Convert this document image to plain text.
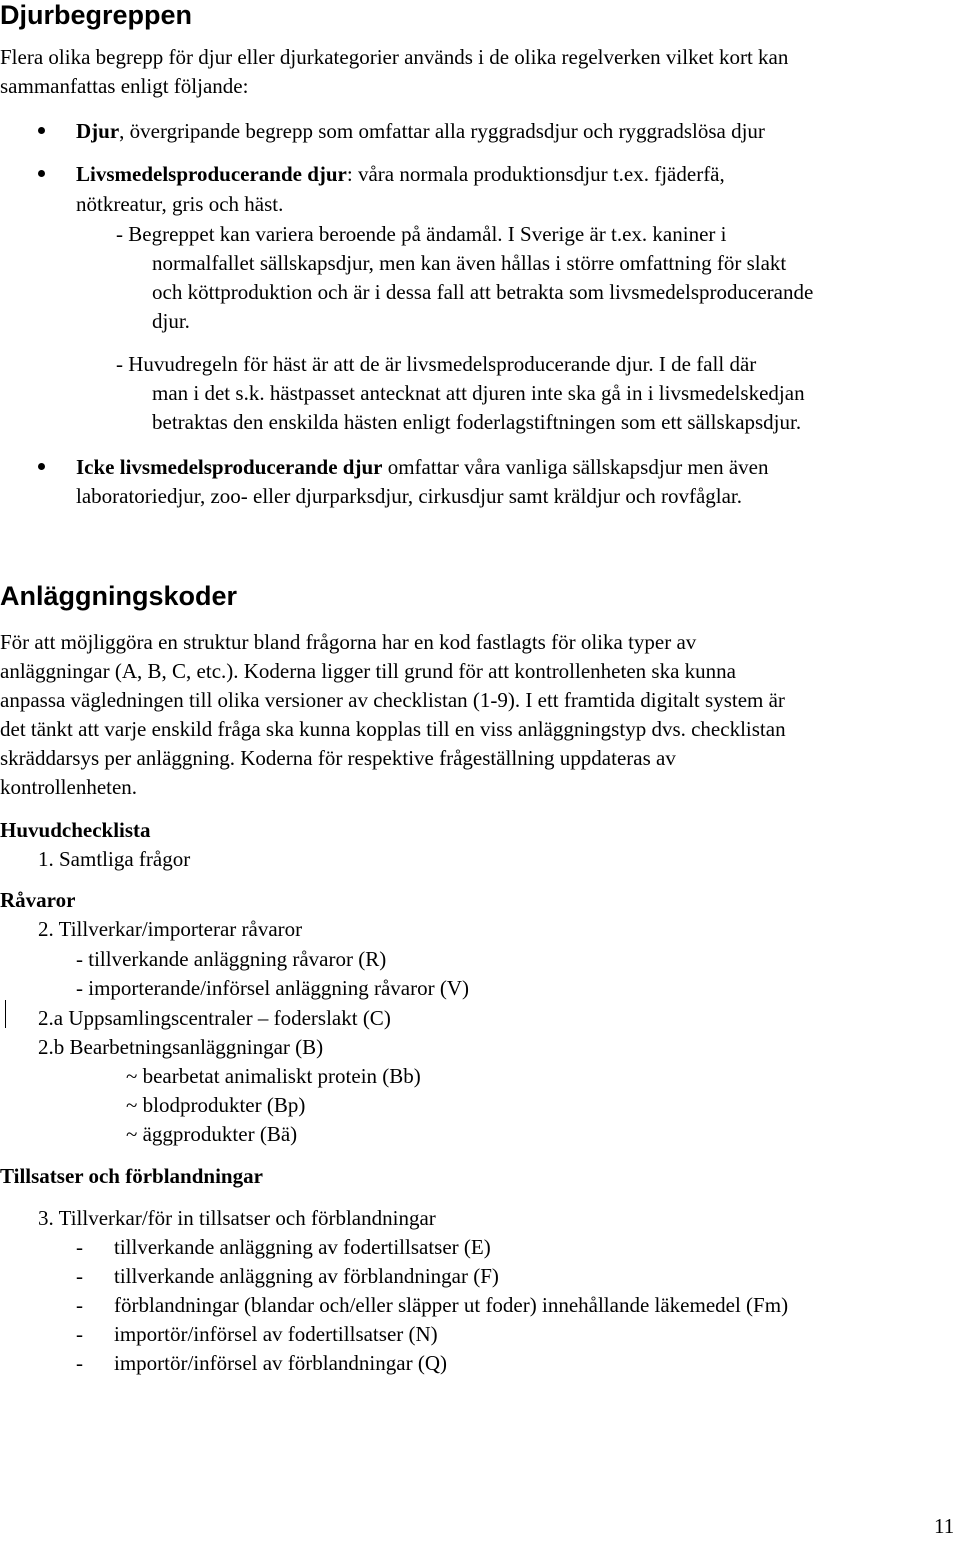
Djurbegreppen
Flera olika begrepp för djur eller djurkategorier används i de olika regelverken vilket kort kan
sammanfattas enligt följande:
Djur, övergripande begrepp som omfattar alla ryggradsdjur och ryggradslösa djur
Livsmedelsproducerande djur: våra normala produktionsdjur t.ex. fjäderfä,
nötkreatur, gris och häst.
- Begreppet kan variera beroende på ändamål. I Sverige är t.ex. kaniner i
normalfallet sällskapsdjur, men kan även hållas i större omfattning för slakt
och köttproduktion och är i dessa fall att betrakta som livsmedelsproducerande
djur.
- Huvudregeln för häst är att de är livsmedelsproducerande djur. I de fall där
man i det s.k. hästpasset antecknat att djuren inte ska gå in i livsmedelskedjan
betraktas den enskilda hästen enligt foderlagstiftningen som ett sällskapsdjur.
Icke livsmedelsproducerande djur omfattar våra vanliga sällskapsdjur men även
laboratoriedjur, zoo- eller djurparksdjur, cirkusdjur samt kräldjur och rovfåglar.
Anläggningskoder
För att möjliggöra en struktur bland frågorna har en kod fastlagts för olika typer av
anläggningar (A, B, C, etc.). Koderna ligger till grund för att kontrollenheten ska kunna
anpassa vägledningen till olika versioner av checklistan (1-9). I ett framtida digitalt system är
det tänkt att varje enskild fråga ska kunna kopplas till en viss anläggningstyp dvs. checklistan
skräddarsys per anläggning. Koderna för respektive frågeställning uppdateras av
kontrollenheten.
Huvudchecklista
1. Samtliga frågor
Råvaror
2. Tillverkar/importerar råvaror
- tillverkande anläggning råvaror (R)
- importerande/införsel anläggning råvaror (V)
2.a Uppsamlingscentraler – foderslakt (C)
2.b Bearbetningsanläggningar (B)
~ bearbetat animaliskt protein (Bb)
~ blodprodukter (Bp)
~ äggprodukter (Bä)
Tillsatser och förblandningar
3. Tillverkar/för in tillsatser och förblandningar
- tillverkande anläggning av fodertillsatser (E)
- tillverkande anläggning av förblandningar (F)
- förblandningar (blandar och/eller släpper ut foder) innehållande läkemedel (Fm)
- importör/införsel av fodertillsatser (N)
- importör/införsel av förblandningar (Q)
11
